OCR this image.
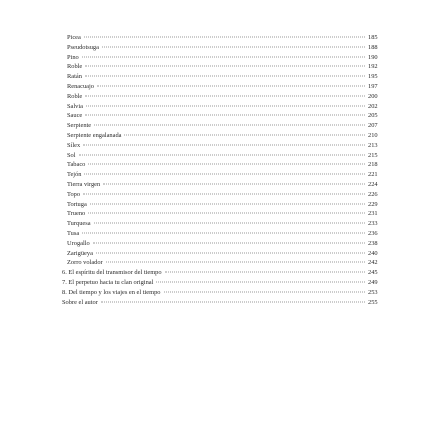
Picea	185
Pseudotsuga	188
Pino	190
Roble	192
Ratán	195
Renacuajo	197
Roble	200
Salvia	202
Sauce	205
Serpiente	207
Serpiente engalanada	210
Sílex	213
Sol	215
Tabaco	218
Tejón	221
Tierra virgen	224
Topo	226
Tortuga	229
Trueno	231
Turquesa	233
Tusa	236
Urogallo	238
Zarigüeya	240
Zorro volador	242
6. El espíritu del transmisor del tiempo	245
7. El perpetuo hacia tu clan original	249
8. Del tiempo y los viajes en el tiempo	253
Sobre el autor	255
